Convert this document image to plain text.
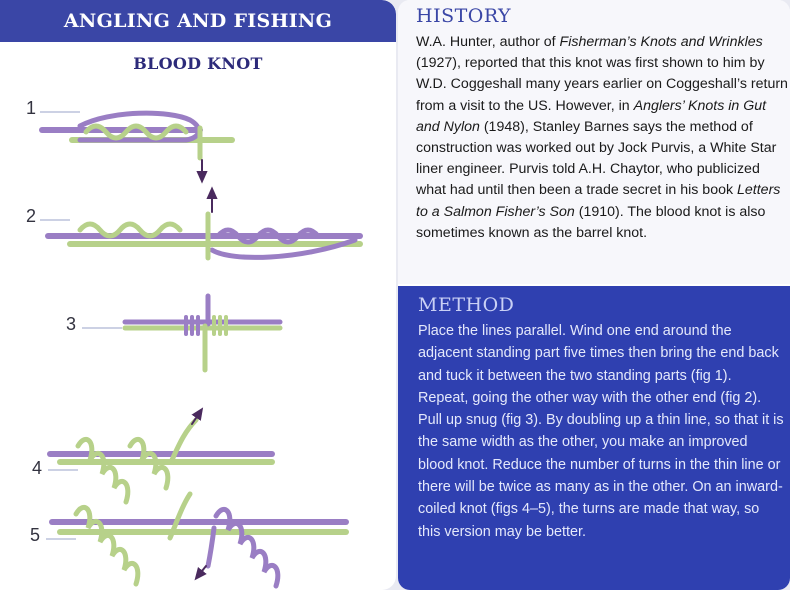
ANGLING AND FISHING
BLOOD KNOT
1
2
3
4
5
HISTORY
W.A. Hunter, author of Fisherman’s Knots and Wrinkles (1927), reported that this knot was first shown to him by W.D. Coggeshall many years earlier on Coggeshall’s return from a visit to the US. However, in Anglers’ Knots in Gut and Nylon (1948), Stanley Barnes says the method of construction was worked out by Jock Purvis, a White Star liner engineer. Purvis told A.H. Chaytor, who publicized what had until then been a trade secret in his book Letters to a Salmon Fisher’s Son (1910). The blood knot is also sometimes known as the barrel knot.
METHOD
Place the lines parallel. Wind one end around the adjacent standing part five times then bring the end back and tuck it between the two standing parts (fig 1). Repeat, going the other way with the other end (fig 2). Pull up snug (fig 3). By doubling up a thin line, so that it is the same width as the other, you make an improved blood knot. Reduce the number of turns in the thin line or there will be twice as many as in the other. On an inward-coiled knot (figs 4–5), the turns are made that way, so this version may be better.
